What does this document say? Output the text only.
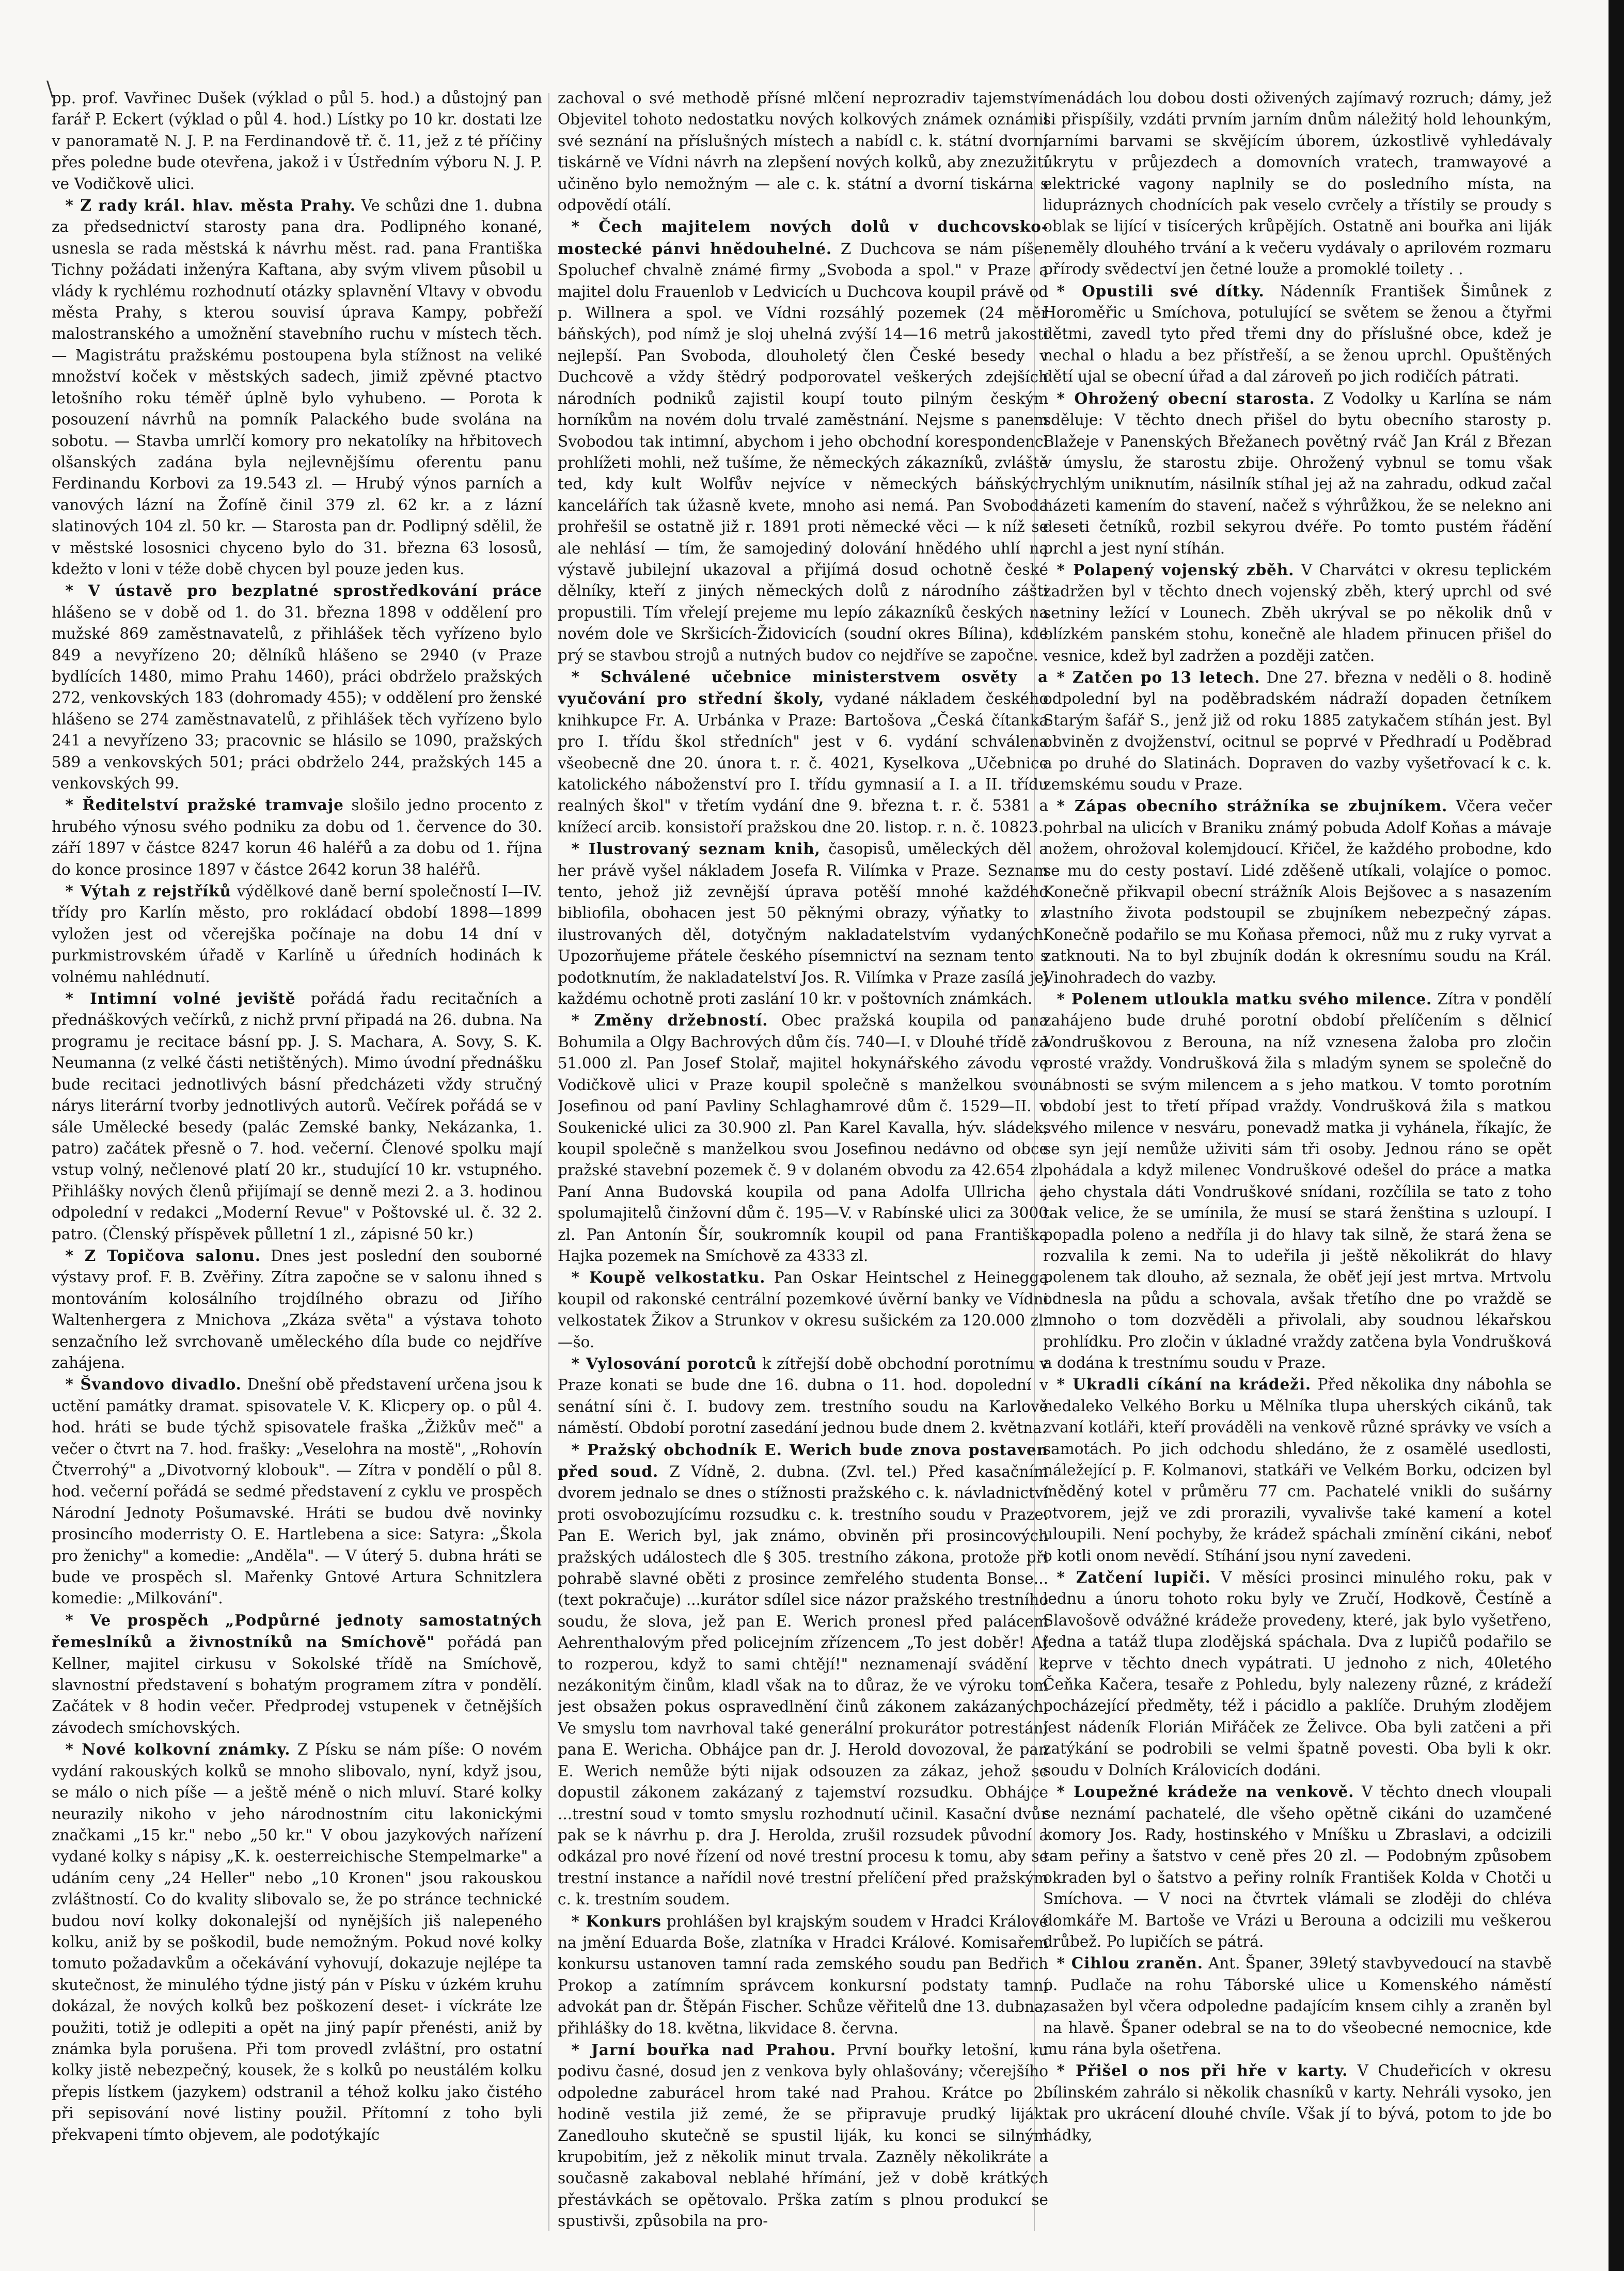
\

pp. prof. Vavřinec Dušek (výklad o půl 5. hod.) a důstojný pan farář P. Eckert (výklad o půl 4. hod.) Lístky po 10 kr. dostati lze v panoramatě N. J. P. na Ferdinandově tř. č. 11, jež z té příčiny přes poledne bude otevřena, jakož i v Ústředním výboru N. J. P. ve Vodičkově ulici.

* Z rady král. hlav. města Prahy. Ve schůzi dne 1. dubna za předsednictví starosty pana dra. Podlipného konané, usnesla se rada městská k návrhu měst. rad. pana Františka Tichny požádati inženýra Kaftana, aby svým vlivem působil u vlády k rychlému rozhodnutí otázky splavnění Vltavy v obvodu města Prahy, s kterou souvisí úprava Kampy, pobřeží malostranského a umožnění stavebního ruchu v místech těch. — Magistrátu pražskému postoupena byla stížnost na veliké množství koček v městských sadech, jimiž zpěvné ptactvo letošního roku téměř úplně bylo vyhubeno. — Porota k posouzení návrhů na pomník Palackého bude svolána na sobotu. — Stavba umrlčí komory pro nekatolíky na hřbitovech olšanských zadána byla nejlevnějšímu oferentu panu Ferdinandu Korbovi za 19.543 zl. — Hrubý výnos parních a vanových lázní na Žofíně činil 379 zl. 62 kr. a z lázní slatinových 104 zl. 50 kr. — Starosta pan dr. Podlipný sdělil, že v městské lososnici chyceno bylo do 31. března 63 lososů, kdežto v loni v téže době chycen byl pouze jeden kus.

* V ústavě pro bezplatné sprostředkování práce hlášeno se v době od 1. do 31. března 1898 v oddělení pro mužské 869 zaměstnavatelů, z přihlášek těch vyřízeno bylo 849 a nevyřízeno 20; dělníků hlášeno se 2940 (v Praze bydlících 1480, mimo Prahu 1460), práci obdrželo pražských 272, venkovských 183 (dohromady 455); v oddělení pro ženské hlášeno se 274 zaměstnavatelů, z přihlášek těch vyřízeno bylo 241 a nevyřízeno 33; pracovnic se hlásilo se 1090, pražských 589 a venkovských 501; práci obdrželo 244, pražských 145 a venkovských 99.

* Ředitelství pražské tramvaje slošilo jedno procento z hrubého výnosu svého podniku za dobu od 1. července do 30. září 1897 v částce 8247 korun 46 haléřů a za dobu od 1. října do konce prosince 1897 v částce 2642 korun 38 haléřů.

* Výtah z rejstříků výdělkové daně berní společností I—IV. třídy pro Karlín město, pro rokládací období 1898—1899 vyložen jest od včerejška počínaje na dobu 14 dní v purkmistrovském úřadě v Karlíně u úředních hodinách k volnému nahlédnutí.

* Intimní volné jeviště pořádá řadu recitačních a přednáškových večírků, z nichž první připadá na 26. dubna. Na programu je recitace básní pp. J. S. Machara, A. Sovy, S. K. Neumanna (z velké části netištěných). Mimo úvodní přednášku bude recitaci jednotlivých básní předcházeti vždy stručný nárys literární tvorby jednotlivých autorů. Večírek pořádá se v sále Umělecké besedy (palác Zemské banky, Nekázanka, 1. patro) začátek přesně o 7. hod. večerní. Členové spolku mají vstup volný, nečlenové platí 20 kr., studující 10 kr. vstupného. Přihlášky nových členů přijímají se denně mezi 2. a 3. hodinou odpolední v redakci „Moderní Revue" v Poštovské ul. č. 32 2. patro. (Členský příspěvek půlletní 1 zl., zápisné 50 kr.)

* Z Topičova salonu. Dnes jest poslední den souborné výstavy prof. F. B. Zvěřiny. Zítra započne se v salonu ihned s montováním kolosálního trojdílného obrazu od Jiřího Waltenhergera z Mnichova „Zkáza světa" a výstava tohoto senzačního lež svrchovaně uměleckého díla bude co nejdříve zahájena.

* Švandovo divadlo. Dnešní obě představení určena jsou k uctění památky dramat. spisovatele V. K. Klicpery op. o půl 4. hod. hráti se bude týchž spisovatele fraška „Žižkův meč" a večer o čtvrt na 7. hod. frašky: „Veselohra na mostě", „Rohovín Čtverrohý" a „Divotvorný klobouk". — Zítra v pondělí o půl 8. hod. večerní pořádá se sedmé představení z cyklu ve prospěch Národní Jednoty Pošumavské. Hráti se budou dvě novinky prosincího moderristy O. E. Hartlebena a sice: Satyra: „Škola pro ženichy" a komedie: „Anděla". — V úterý 5. dubna hráti se bude ve prospěch sl. Mařenky Gntové Artura Schnitzlera komedie: „Milkování".

* Ve prospěch „Podpůrné jednoty samostatných řemeslníků a živnostníků na Smíchově" pořádá pan Kellner, majitel cirkusu v Sokolské třídě na Smíchově, slavnostní představení s bohatým programem zítra v pondělí. Začátek v 8 hodin večer. Předprodej vstupenek v četnějších závodech smíchovských.

* Nové kolkovní známky. Z Písku se nám píše: O novém vydání rakouských kolků se mnoho slibovalo, nyní, když jsou, se málo o nich píše — a ještě méně o nich mluví. Staré kolky neurazily nikoho v jeho národnostním citu lakonickými značkami „15 kr." nebo „50 kr." V obou jazykových nařízení vydané kolky s nápisy „K. k. oesterreichische Stempelmarke" a udáním ceny „24 Heller" nebo „10 Kronen" jsou rakouskou zvláštností. Co do kvality slibovalo se, že po stránce technické budou noví kolky dokonalejší od nynějších jiš nalepeného kolku, aniž by se poškodil, bude nemožným. Pokud nové kolky tomuto požadavkům a očekávání vyhovují, dokazuje nejlépe ta skutečnost, že minulého týdne jistý pán v Písku v úzkém kruhu dokázal, že nových kolků bez poškození deset- i víckráte lze použiti, totiž je odlepiti a opět na jiný papír přenésti, aniž by známka byla porušena. Při tom provedl zvláštní, pro ostatní kolky jistě nebezpečný, kousek, že s kolků po neustálém kolku přepis lístkem (jazykem) odstranil a téhož kolku jako čistého při sepisování nové listiny použil. Přítomní z toho byli překvapeni tímto objevem, ale podotýkajíc

zachoval o své methodě přísné mlčení neprozradiv tajemství. Objevitel tohoto nedostatku nových kolkových známek oznámil své seznání na příslušných místech a nabídl c. k. státní dvorní tiskárně ve Vídni návrh na zlepšení nových kolků, aby znezužití učiněno bylo nemožným — ale c. k. státní a dvorní tiskárna s odpovědí otálí.

* Čech majitelem nových dolů v duchcovsko-mostecké pánvi hnědouhelné. Z Duchcova se nám píše: Spoluchef chvalně známé firmy „Svoboda a spol." v Praze a majitel dolu Frauenlob v Ledvicích u Duchcova koupil právě od p. Willnera a spol. ve Vídni rozsáhlý pozemek (24 měr báňských), pod nímž je sloj uhelná zvýší 14—16 metrů jakosti nejlepší. Pan Svoboda, dlouholetý člen České besedy v Duchcově a vždy štědrý podporovatel veškerých zdejších národních podniků zajistil koupí touto pilným českým horníkům na novém dolu trvalé zaměstnání. Nejsme s panem Svobodou tak intimní, abychom i jeho obchodní korespondenci prohlížeti mohli, než tušíme, že německých zákazníků, zvláště ted, kdy kult Wolfův nejvíce v německých báňských kancelářích tak úžasně kvete, mnoho asi nemá. Pan Svoboda prohřešil se ostatně již r. 1891 proti německé věci — k níž se ale nehlásí — tím, že samojediný dolování hnědého uhlí na výstavě jubilejní ukazoval a přijímá dosud ochotně české dělníky, kteří z jiných německých dolů z národního zášti propustili. Tím vřelejí prejeme mu lepío zákazníků českých na novém dole ve Skršicích-Židovicích (soudní okres Bílina), kde prý se stavbou strojů a nutných budov co nejdříve se započne.

* Schválené učebnice ministerstvem osvěty a vyučování pro střední školy, vydané nákladem českého knihkupce Fr. A. Urbánka v Praze: Bartošova „Česká čítanka pro I. třídu škol středních" jest v 6. vydání schválena všeobecně dne 20. února t. r. č. 4021, Kyselkova „Učebnice katolického náboženství pro I. třídu gymnasií a I. a II. třídu realných škol" v třetím vydání dne 9. března t. r. č. 5381 a knížecí arcib. konsistoří pražskou dne 20. listop. r. n. č. 10823.

* Ilustrovaný seznam knih, časopisů, uměleckých děl a her právě vyšel nákladem Josefa R. Vilímka v Praze. Seznam tento, jehož již zevnější úprava potěší mnohé každého bibliofila, obohacen jest 50 pěknými obrazy, výňatky to z ilustrovaných děl, dotyčným nakladatelstvím vydaných. Upozorňujeme přátele českého písemnictví na seznam tento s podotknutím, že nakladatelství Jos. R. Vilímka v Praze zasílá jej každému ochotně proti zaslání 10 kr. v poštovních známkách.

* Změny držebností. Obec pražská koupila od pana Bohumila a Olgy Bachrových dům čís. 740—I. v Dlouhé třídě za 51.000 zl. Pan Josef Stolař, majitel hokynářského závodu ve Vodičkově ulici v Praze koupil společně s manželkou svou Josefinou od paní Pavliny Schlaghamrové dům č. 1529—II. v Soukenické ulici za 30.900 zl. Pan Karel Kavalla, hýv. sládek, koupil společně s manželkou svou Josefinou nedávno od obce pražské stavební pozemek č. 9 v dolaném obvodu za 42.654 zl. Paní Anna Budovská koupila od pana Adolfa Ullricha a spolumajitelů činžovní dům č. 195—V. v Rabínské ulici za 3000 zl. Pan Antonín Šír, soukromník koupil od pana Františka Hajka pozemek na Smíchově za 4333 zl.

* Koupě velkostatku. Pan Oskar Heintschel z Heinegga koupil od rakonské centrální pozemkové úvěrní banky ve Vídni velkostatek Žikov a Strunkov v okresu sušickém za 120.000 zl. —šo.

* Vylosování porotců k zítřejší době obchodní porotnímu v Praze konati se bude dne 16. dubna o 11. hod. dopolední v senátní síni č. I. budovy zem. trestního soudu na Karlově náměstí. Období porotní zasedání jednou bude dnem 2. května.

* Pražský obchodník E. Werich bude znova postaven před soud. Z Vídně, 2. dubna. (Zvl. tel.) Před kasačním dvorem jednalo se dnes o stížnosti pražského c. k. návladnictví proti osvobozujícímu rozsudku c. k. trestního soudu v Praze. Pan E. Werich byl, jak známo, obviněn při prosincových pražských událostech dle § 305. trestního zákona, protože při pohrabě slavné oběti z prosince zemřelého studenta Bonse... (text pokračuje) ...kurátor sdílel sice názor pražského trestního soudu, že slova, jež pan E. Werich pronesl před palácem Aehrenthalovým před policejním zřízencem „To jest doběr! Ať to rozperou, když to sami chtějí!" neznamenají svádění k nezákonitým činům, kladl však na to důraz, že ve výroku tom jest obsažen pokus ospravedlnění činů zákonem zakázaných. Ve smyslu tom navrhoval také generální prokurátor potrestání pana E. Wericha. Obhájce pan dr. J. Herold dovozoval, že pan E. Werich nemůže býti nijak odsouzen za zákaz, jehož se dopustil zákonem zakázaný z tajemství rozsudku. Obhájce ...trestní soud v tomto smyslu rozhodnutí učinil. Kasační dvůr pak se k návrhu p. dra J. Herolda, zrušil rozsudek původní a odkázal pro nové řízení od nové trestní procesu k tomu, aby se trestní instance a nařídil nové trestní přelíčení před pražským c. k. trestním soudem.

* Konkurs prohlášen byl krajským soudem v Hradci Králové na jmění Eduarda Boše, zlatníka v Hradci Králové. Komisařem konkursu ustanoven tamní rada zemského soudu pan Bedřich Prokop a zatímním správcem konkursní podstaty tamní advokát pan dr. Štěpán Fischer. Schůze věřitelů dne 13. dubna, přihlášky do 18. května, likvidace 8. června.

* Jarní bouřka nad Prahou. První bouřky letošní, ku podivu časné, dosud jen z venkova byly ohlašovány; včerejšího odpoledne zaburácel hrom také nad Prahou. Krátce po 2. hodině vestila již zemé, že se připravuje prudký liják. Zanedlouho skutečně se spustil liják, ku konci se silným krupobitím, jež z několik minut trvala. Zazněly několikráte a současně zakaboval neblahé hřímání, jež v době krátkých přestávkách se opětovalo. Prška zatím s plnou produkcí se spustivši, způsobila na pro-

menádách lou dobou dosti oživených zajímavý rozruch; dámy, jež si přispíšily, vzdáti prvním jarním dnům náležitý hold lehounkým, jarními barvami se skvějícím úborem, úzkostlivě vyhledávaly úkrytu v průjezdech a domovních vratech, tramwayové a elektrické vagony naplnily se do posledního místa, na lidupráznych chodnících pak veselo cvrčely a třístily se proudy s oblak se lijící v tisícerých krůpějích. Ostatně ani bouřka ani liják neměly dlouhého trvání a k večeru vydávaly o aprilovém rozmaru přírody svědectví jen četné louže a promoklé toilety . .

* Opustili své dítky. Nádenník František Šimůnek z Horoměřic u Smíchova, potulující se světem se ženou a čtyřmi dětmi, zavedl tyto před třemi dny do příslušné obce, kdež je nechal o hladu a bez přístřeší, a se ženou uprchl. Opuštěných dětí ujal se obecní úřad a dal zároveň po jich rodičích pátrati.

* Ohrožený obecní starosta. Z Vodolky u Karlína se nám sděluje: V těchto dnech přišel do bytu obecního starosty p. Blažeje v Panenských Břežanech povětný rváč Jan Král z Březan v úmyslu, že starostu zbije. Ohrožený vybnul se tomu však rychlým uniknutím, násilník stíhal jej až na zahradu, odkud začal házeti kamením do stavení, načež s výhrůžkou, že se nelekno ani deseti četníků, rozbil sekyrou dvéře. Po tomto pustém řádění prchl a jest nyní stíhán.

* Polapený vojenský zběh. V Charvátci v okresu teplickém zadržen byl v těchto dnech vojenský zběh, který uprchl od své setniny ležící v Lounech. Zběh ukrýval se po několik dnů v blízkém panském stohu, konečně ale hladem přinucen přišel do vesnice, kdež byl zadržen a později zatčen.

* Zatčen po 13 letech. Dne 27. března v neděli o 8. hodině odpolední byl na poděbradském nádraží dopaden četníkem Starým šafář S., jenž již od roku 1885 zatykačem stíhán jest. Byl obviněn z dvojženství, ocitnul se poprvé v Předhradí u Poděbrad a po druhé do Slatinách. Dopraven do vazby vyšetřovací k c. k. zemskému soudu v Praze.

* Zápas obecního strážníka se zbujníkem. Včera večer pohrbal na ulicích v Braniku známý pobuda Adolf Koňas a mávaje nožem, ohrožoval kolemjdoucí. Křičel, že každého probodne, kdo se mu do cesty postaví. Lidé zděšeně utíkali, volajíce o pomoc. Konečně přikvapil obecní strážník Alois Bejšovec a s nasazením vlastního života podstoupil se zbujníkem nebezpečný zápas. Konečně podařilo se mu Koňasa přemoci, nůž mu z ruky vyrvat a zatknouti. Na to byl zbujník dodán k okresnímu soudu na Král. Vinohradech do vazby.

* Polenem utloukla matku svého milence. Zítra v pondělí zahájeno bude druhé porotní období přelíčením s dělnicí Vondruškovou z Berouna, na níž vznesena žaloba pro zločin prosté vraždy. Vondrušková žila s mladým synem se společně do nábnosti se svým milencem a s jeho matkou. V tomto porotním období jest to třetí případ vraždy. Vondrušková žila s matkou svého milence v nesváru, ponevadž matka ji vyhánela, říkajíc, že se syn její nemůže uživiti sám tři osoby. Jednou ráno se opět pohádala a když milenec Vondruškové odešel do práce a matka jeho chystala dáti Vondruškové snídani, rozčílila se tato z toho tak velice, že se umínila, že musí se stará ženština s uzloupí. I popadla poleno a nedříla ji do hlavy tak silně, že stará žena se rozvalila k zemi. Na to udeřila ji ještě několikrát do hlavy polenem tak dlouho, až seznala, že oběť její jest mrtva. Mrtvolu odnesla na půdu a schovala, avšak třetího dne po vraždě se mnoho o tom dozvěděli a přivolali, aby soudnou lékařskou prohlídku. Pro zločin v úkladné vraždy zatčena byla Vondrušková a dodána k trestnímu soudu v Praze.

* Ukradli cíkání na krádeži. Před několika dny nábohla se nedaleko Velkého Borku u Mělníka tlupa uherských cikánů, tak zvaní kotláři, kteří prováděli na venkově různé správky ve vsích a samotách. Po jich odchodu shledáno, že z osamělé usedlosti, náležející p. F. Kolmanovi, statkáři ve Velkém Borku, odcizen byl měděný kotel v průměru 77 cm. Pachatelé vnikli do sušárny otvorem, jejž ve zdi prorazili, vyvalivše také kamení a kotel uloupili. Není pochyby, že krádež spáchali zmínění cikáni, neboť o kotli onom nevědí. Stíhání jsou nyní zavedeni.

* Zatčení lupiči. V měsíci prosinci minulého roku, pak v lednu a únoru tohoto roku byly ve Zručí, Hodkově, Čestíně a Slavošově odvážné krádeže provedeny, které, jak bylo vyšetřeno, jedna a tatáž tlupa zlodějská spáchala. Dva z lupičů podařilo se teprve v těchto dnech vypátrati. U jednoho z nich, 40letého Čeňka Kačera, tesaře z Pohledu, byly nalezeny různé, z krádeží pocházející předměty, též i pácidlo a paklíče. Druhým zlodějem jest nádeník Florián Miřáček ze Želivce. Oba byli zatčeni a při zatýkání se podrobili se velmi špatně povesti. Oba byli k okr. soudu v Dolních Královicích dodáni.

* Loupežné krádeže na venkově. V těchto dnech vloupali se neznámí pachatelé, dle všeho opětně cikáni do uzamčené komory Jos. Rady, hostinského v Mníšku u Zbraslavi, a odcizili tam peřiny a šatstvo v ceně přes 20 zl. — Podobným způsobem okraden byl o šatstvo a peřiny rolník František Kolda v Chotči u Smíchova. — V noci na čtvrtek vlámali se zloději do chléva domkáře M. Bartoše ve Vrázi u Berouna a odcizili mu veškerou drůbež. Po lupičích se pátrá.

* Cihlou zraněn. Ant. Španer, 39letý stavbyvedoucí na stavbě p. Pudlače na rohu Táborské ulice u Komenského náměstí zasažen byl včera odpoledne padajícím knsem cihly a zraněn byl na hlavě. Španer odebral se na to do všeobecné nemocnice, kde mu rána byla ošetřena.

* Přišel o nos při hře v karty. V Chudeřicích v okresu bílinském zahrálo si několik chasníků v karty. Nehráli vysoko, jen tak pro ukrácení dlouhé chvíle. Však jí to bývá, potom to jde bo hádky,
